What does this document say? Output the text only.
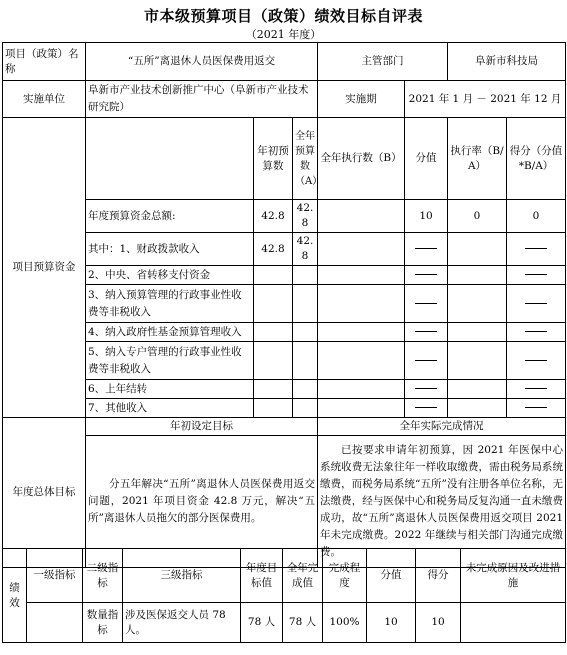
市本级预算项目（政策）绩效目标自评表
（2021 年度）
项目（政策）名称	“五所”离退休人员医保费用返交			主管部门		阜新市科技局	
实施单位	阜新市产业技术创新推广中心（阜新市产业技术研究院）			实施期	2021 年 1 月 － 2021 年 12 月		
项目预算资金		年初预算数	全年预算数（A）	全年执行数（B）	分值	执行率（B/A）	得分（分值*B/A）
	年度预算资金总额:	42.8	42.8		10	0	0
	其中：1、财政拨款收入	42.8	42.8				
	2、中央、省转移支付资金						
	3、纳入预算管理的行政事业性收费等非税收入						
	4、纳入政府性基金预算管理收入						
	5、纳入专户管理的行政事业性收费等非税收入						
	6、上年结转						
	7、其他收入						
年度总体目标	年初设定目标			全年实际完成情况			
	分五年解决“五所”离退休人员医保费用返交问题，2021 年项目资金 42.8 万元，解决“五所”离退休人员拖欠的部分医保费用。			已按要求申请年初预算，因 2021 年医保中心系统收费无法象往年一样收取缴费，需由税务局系统缴费，而税务局系统“五所”没有注册各单位名称，无法缴费，经与医保中心和税务局反复沟通一直未缴费成功，故“五所”离退休人员医保费用返交项目 2021 年未完成缴费。2022 年继续与相关部门沟通完成缴费。			
绩效	一级指标	二级指标	三级指标	年度目标值	全年完成值	完成程度	分值	得分	未完成原因及改进措施
		数量指标	涉及医保返交人员 78 人。	78 人	78 人	100%	10	10	
